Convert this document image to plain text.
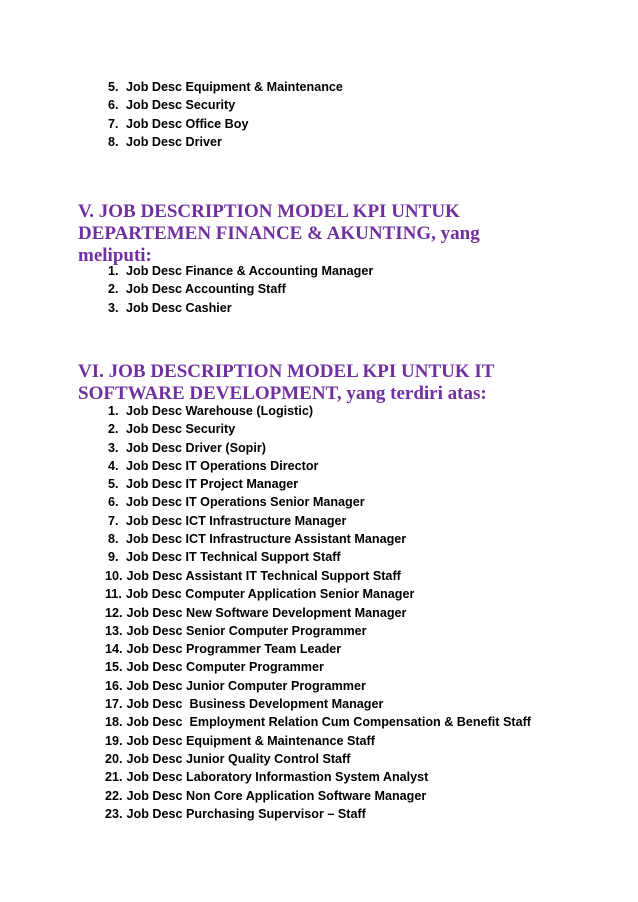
5. Job Desc Equipment & Maintenance
6. Job Desc Security
7. Job Desc Office Boy
8. Job Desc Driver
V. JOB DESCRIPTION MODEL KPI UNTUK
DEPARTEMEN FINANCE & AKUNTING, yang
meliputi:
1. Job Desc Finance & Accounting Manager
2. Job Desc Accounting Staff
3. Job Desc Cashier
VI. JOB DESCRIPTION MODEL KPI UNTUK IT
SOFTWARE DEVELOPMENT, yang terdiri atas:
1. Job Desc Warehouse (Logistic)
2. Job Desc Security
3. Job Desc Driver (Sopir)
4. Job Desc IT Operations Director
5. Job Desc IT Project Manager
6. Job Desc IT Operations Senior Manager
7. Job Desc ICT Infrastructure Manager
8. Job Desc ICT Infrastructure Assistant Manager
9. Job Desc IT Technical Support Staff
10. Job Desc Assistant IT Technical Support Staff
11. Job Desc Computer Application Senior Manager
12. Job Desc New Software Development Manager
13. Job Desc Senior Computer Programmer
14. Job Desc Programmer Team Leader
15. Job Desc Computer Programmer
16. Job Desc Junior Computer Programmer
17. Job Desc  Business Development Manager
18. Job Desc  Employment Relation Cum Compensation & Benefit Staff
19. Job Desc Equipment & Maintenance Staff
20. Job Desc Junior Quality Control Staff
21. Job Desc Laboratory Informastion System Analyst
22. Job Desc Non Core Application Software Manager
23. Job Desc Purchasing Supervisor – Staff
